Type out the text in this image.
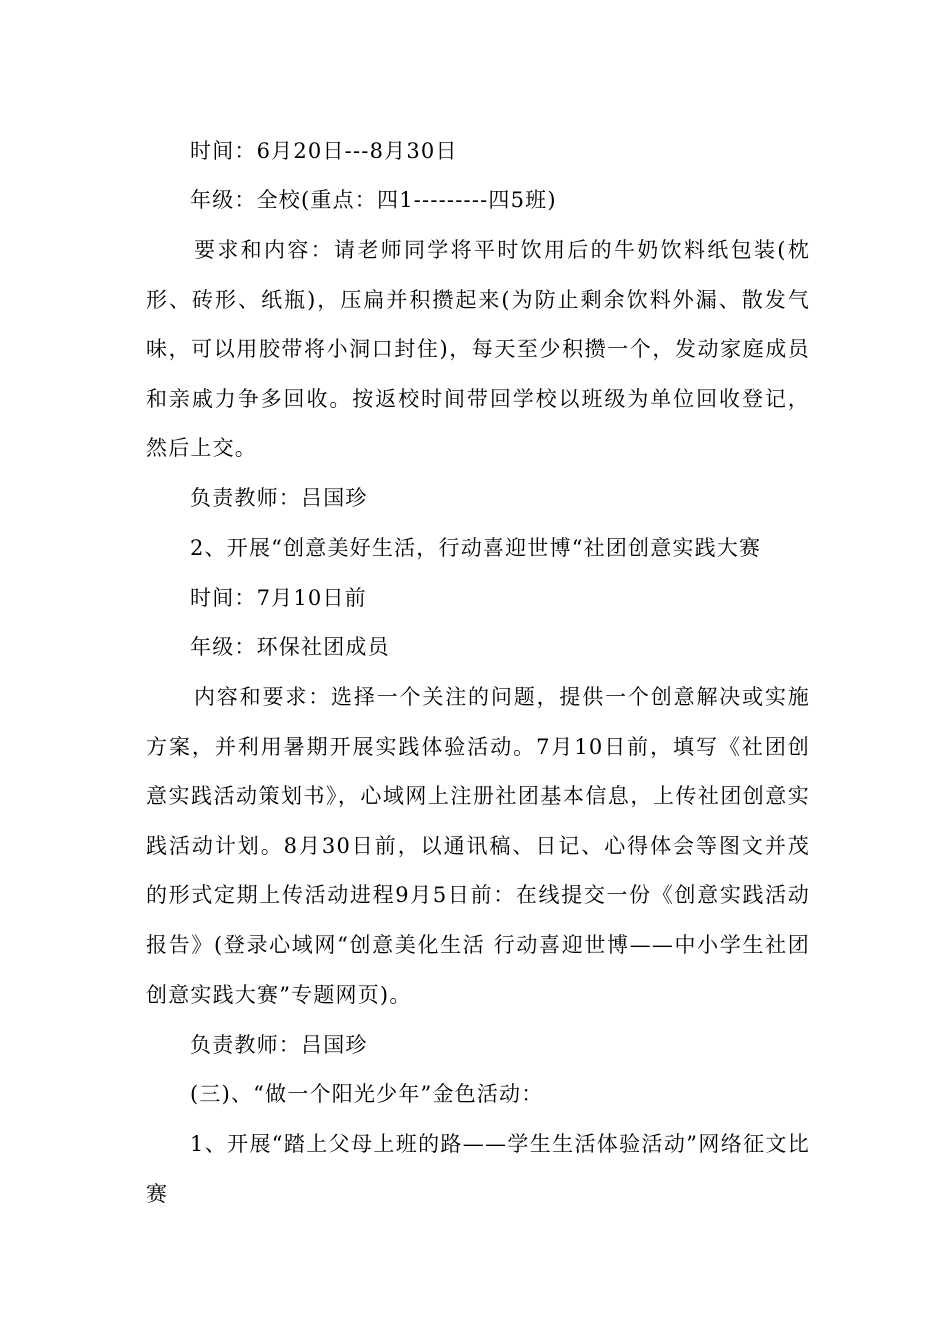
时间：6月20日---8月30日

年级：全校(重点：四1---------四5班)

要求和内容：请老师同学将平时饮用后的牛奶饮料纸包装(枕形、砖形、纸瓶)，压扁并积攒起来(为防止剩余饮料外漏、散发气味，可以用胶带将小洞口封住)，每天至少积攒一个，发动家庭成员和亲戚力争多回收。按返校时间带回学校以班级为单位回收登记，然后上交。

负责教师：吕国珍

2、开展“创意美好生活，行动喜迎世博“社团创意实践大赛

时间：7月10日前

年级：环保社团成员

内容和要求：选择一个关注的问题，提供一个创意解决或实施方案，并利用暑期开展实践体验活动。7月10日前，填写《社团创意实践活动策划书》，心域网上注册社团基本信息，上传社团创意实践活动计划。8月30日前，以通讯稿、日记、心得体会等图文并茂的形式定期上传活动进程9月5日前：在线提交一份《创意实践活动报告》(登录心域网“创意美化生活 行动喜迎世博——中小学生社团创意实践大赛”专题网页)。

负责教师：吕国珍

(三)、“做一个阳光少年”金色活动：

1、开展“踏上父母上班的路——学生生活体验活动”网络征文比赛
